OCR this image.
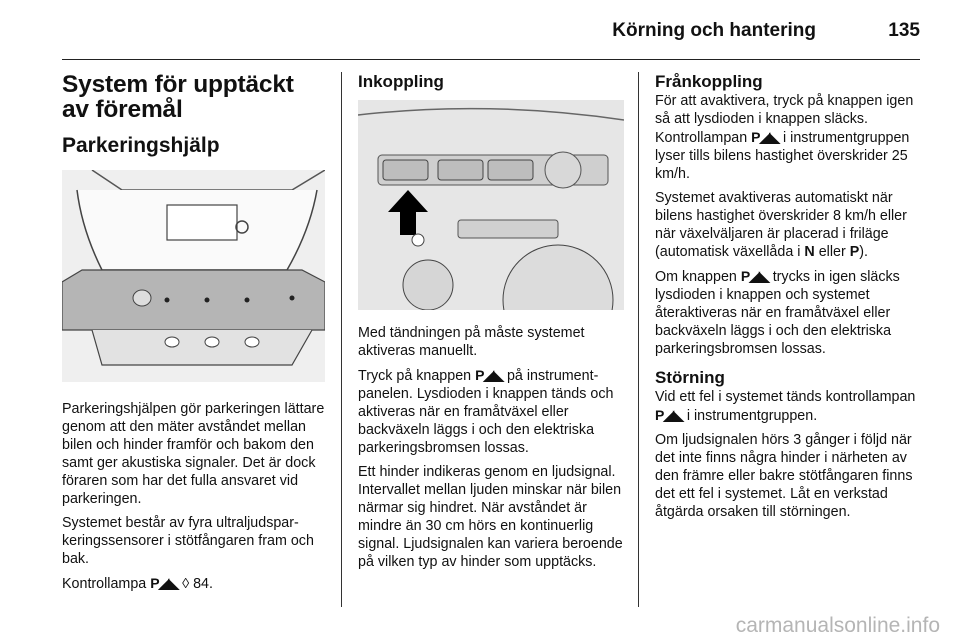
Körning och hantering	135
System för upptäckt av föremål
Parkeringshjälp

Parkeringshjälpen gör parkeringen lättare genom att den mäter avståndet mellan bilen och hinder framför och bakom den samt ger akustiska signaler. Det är dock föraren som har det fulla ansvaret vid parkeringen.

Systemet består av fyra ultraljudsparkeringssensorer i stötfångaren fram och bak.

Kontrollampa P◢◣ ◊ 84.

Inkoppling

Med tändningen på måste systemet aktiveras manuellt.

Tryck på knappen P◢◣ på instrumentpanelen. Lysdioden i knappen tänds och aktiveras när en framåtväxel eller backväxeln läggs i och den elektriska parkeringsbromsen lossas.

Ett hinder indikeras genom en ljudsignal. Intervallet mellan ljuden minskar när bilen närmar sig hindret. När avståndet är mindre än 30 cm hörs en kontinuerlig signal. Ljudsignalen kan variera beroende på vilken typ av hinder som upptäcks.

Frånkoppling

För att avaktivera, tryck på knappen igen så att lysdioden i knappen släcks. Kontrollampan P◢◣ i instrumentgruppen lyser tills bilens hastighet överskrider 25 km/h.

Systemet avaktiveras automatiskt när bilens hastighet överskrider 8 km/h eller när växelväljaren är placerad i friläge (automatisk växellåda i N eller P).

Om knappen P◢◣ trycks in igen släcks lysdioden i knappen och systemet återaktiveras när en framåtväxel eller backväxeln läggs i och den elektriska parkeringsbromsen lossas.

Störning

Vid ett fel i systemet tänds kontrollampan P◢◣ i instrumentgruppen.

Om ljudsignalen hörs 3 gånger i följd när det inte finns några hinder i närheten av den främre eller bakre stötfångaren finns det ett fel i systemet. Låt en verkstad åtgärda orsaken till störningen.

carmanualsonline.info
